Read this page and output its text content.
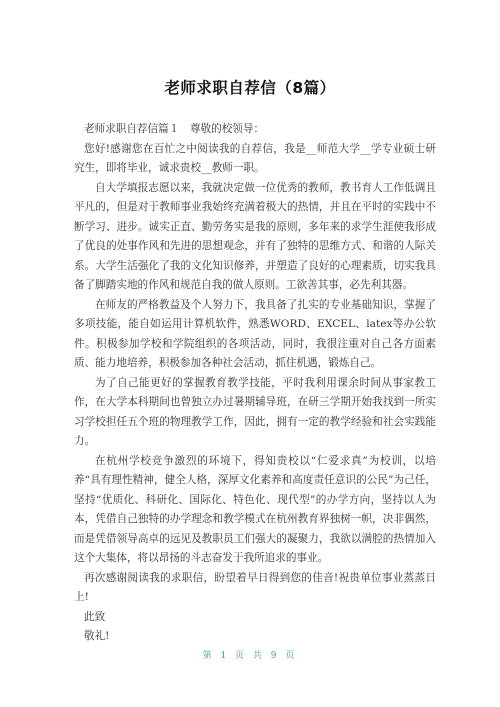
老师求职自荐信（8篇）

老师求职自荐信篇１　尊敬的校领导：

您好!感谢您在百忙之中阅读我的自荐信，我是__师范大学__学专业硕士研究生，即将毕业，诚求贵校__教师一职。

自大学填报志愿以来，我就决定做一位优秀的教师，教书育人工作低调且平凡的，但是对于教师事业我始终充满着极大的热情，并且在平时的实践中不断学习、进步。诚实正直、勤劳务实是我的原则，多年来的求学生涯使我形成了优良的处事作风和先进的思想观念，并有了独特的思维方式、和谐的人际关系。大学生活强化了我的文化知识修养，并塑造了良好的心理素质，切实我具备了脚踏实地的作风和规范自我的做人原则。工欲善其事，必先利其器。

在师友的严格教益及个人努力下，我具备了扎实的专业基础知识，掌握了多项技能，能自如运用计算机软件，熟悉WORD、EXCEL、latex等办公软件。积极参加学校和学院组织的各项活动，同时，我很注重对自己各方面素质、能力地培养，积极参加各种社会活动，抓住机遇，锻炼自己。

为了自己能更好的掌握教育教学技能，平时我利用课余时间从事家教工作，在大学本科期间也曾独立办过暑期辅导班，在研三学期开始我找到一所实习学校担任五个班的物理教学工作，因此，拥有一定的教学经验和社会实践能力。

在杭州学校竞争激烈的环境下，得知贵校以“仁爱求真”为校训，以培养“具有理性精神，健全人格，深厚文化素养和高度责任意识的公民”为己任，坚持“优质化、科研化、国际化、特色化、现代型”的办学方向，坚持以人为本，凭借自己独特的办学理念和教学模式在杭州教育界独树一帜，决非偶然，而是凭借领导高卓的远见及教职员工们强大的凝聚力，我欲以满腔的热情加入这个大集体，将以昂扬的斗志奋发于我所追求的事业。

再次感谢阅读我的求职信，盼望着早日得到您的佳音!祝贵单位事业蒸蒸日上!

此致

敬礼!

第 1 页 共 9 页
